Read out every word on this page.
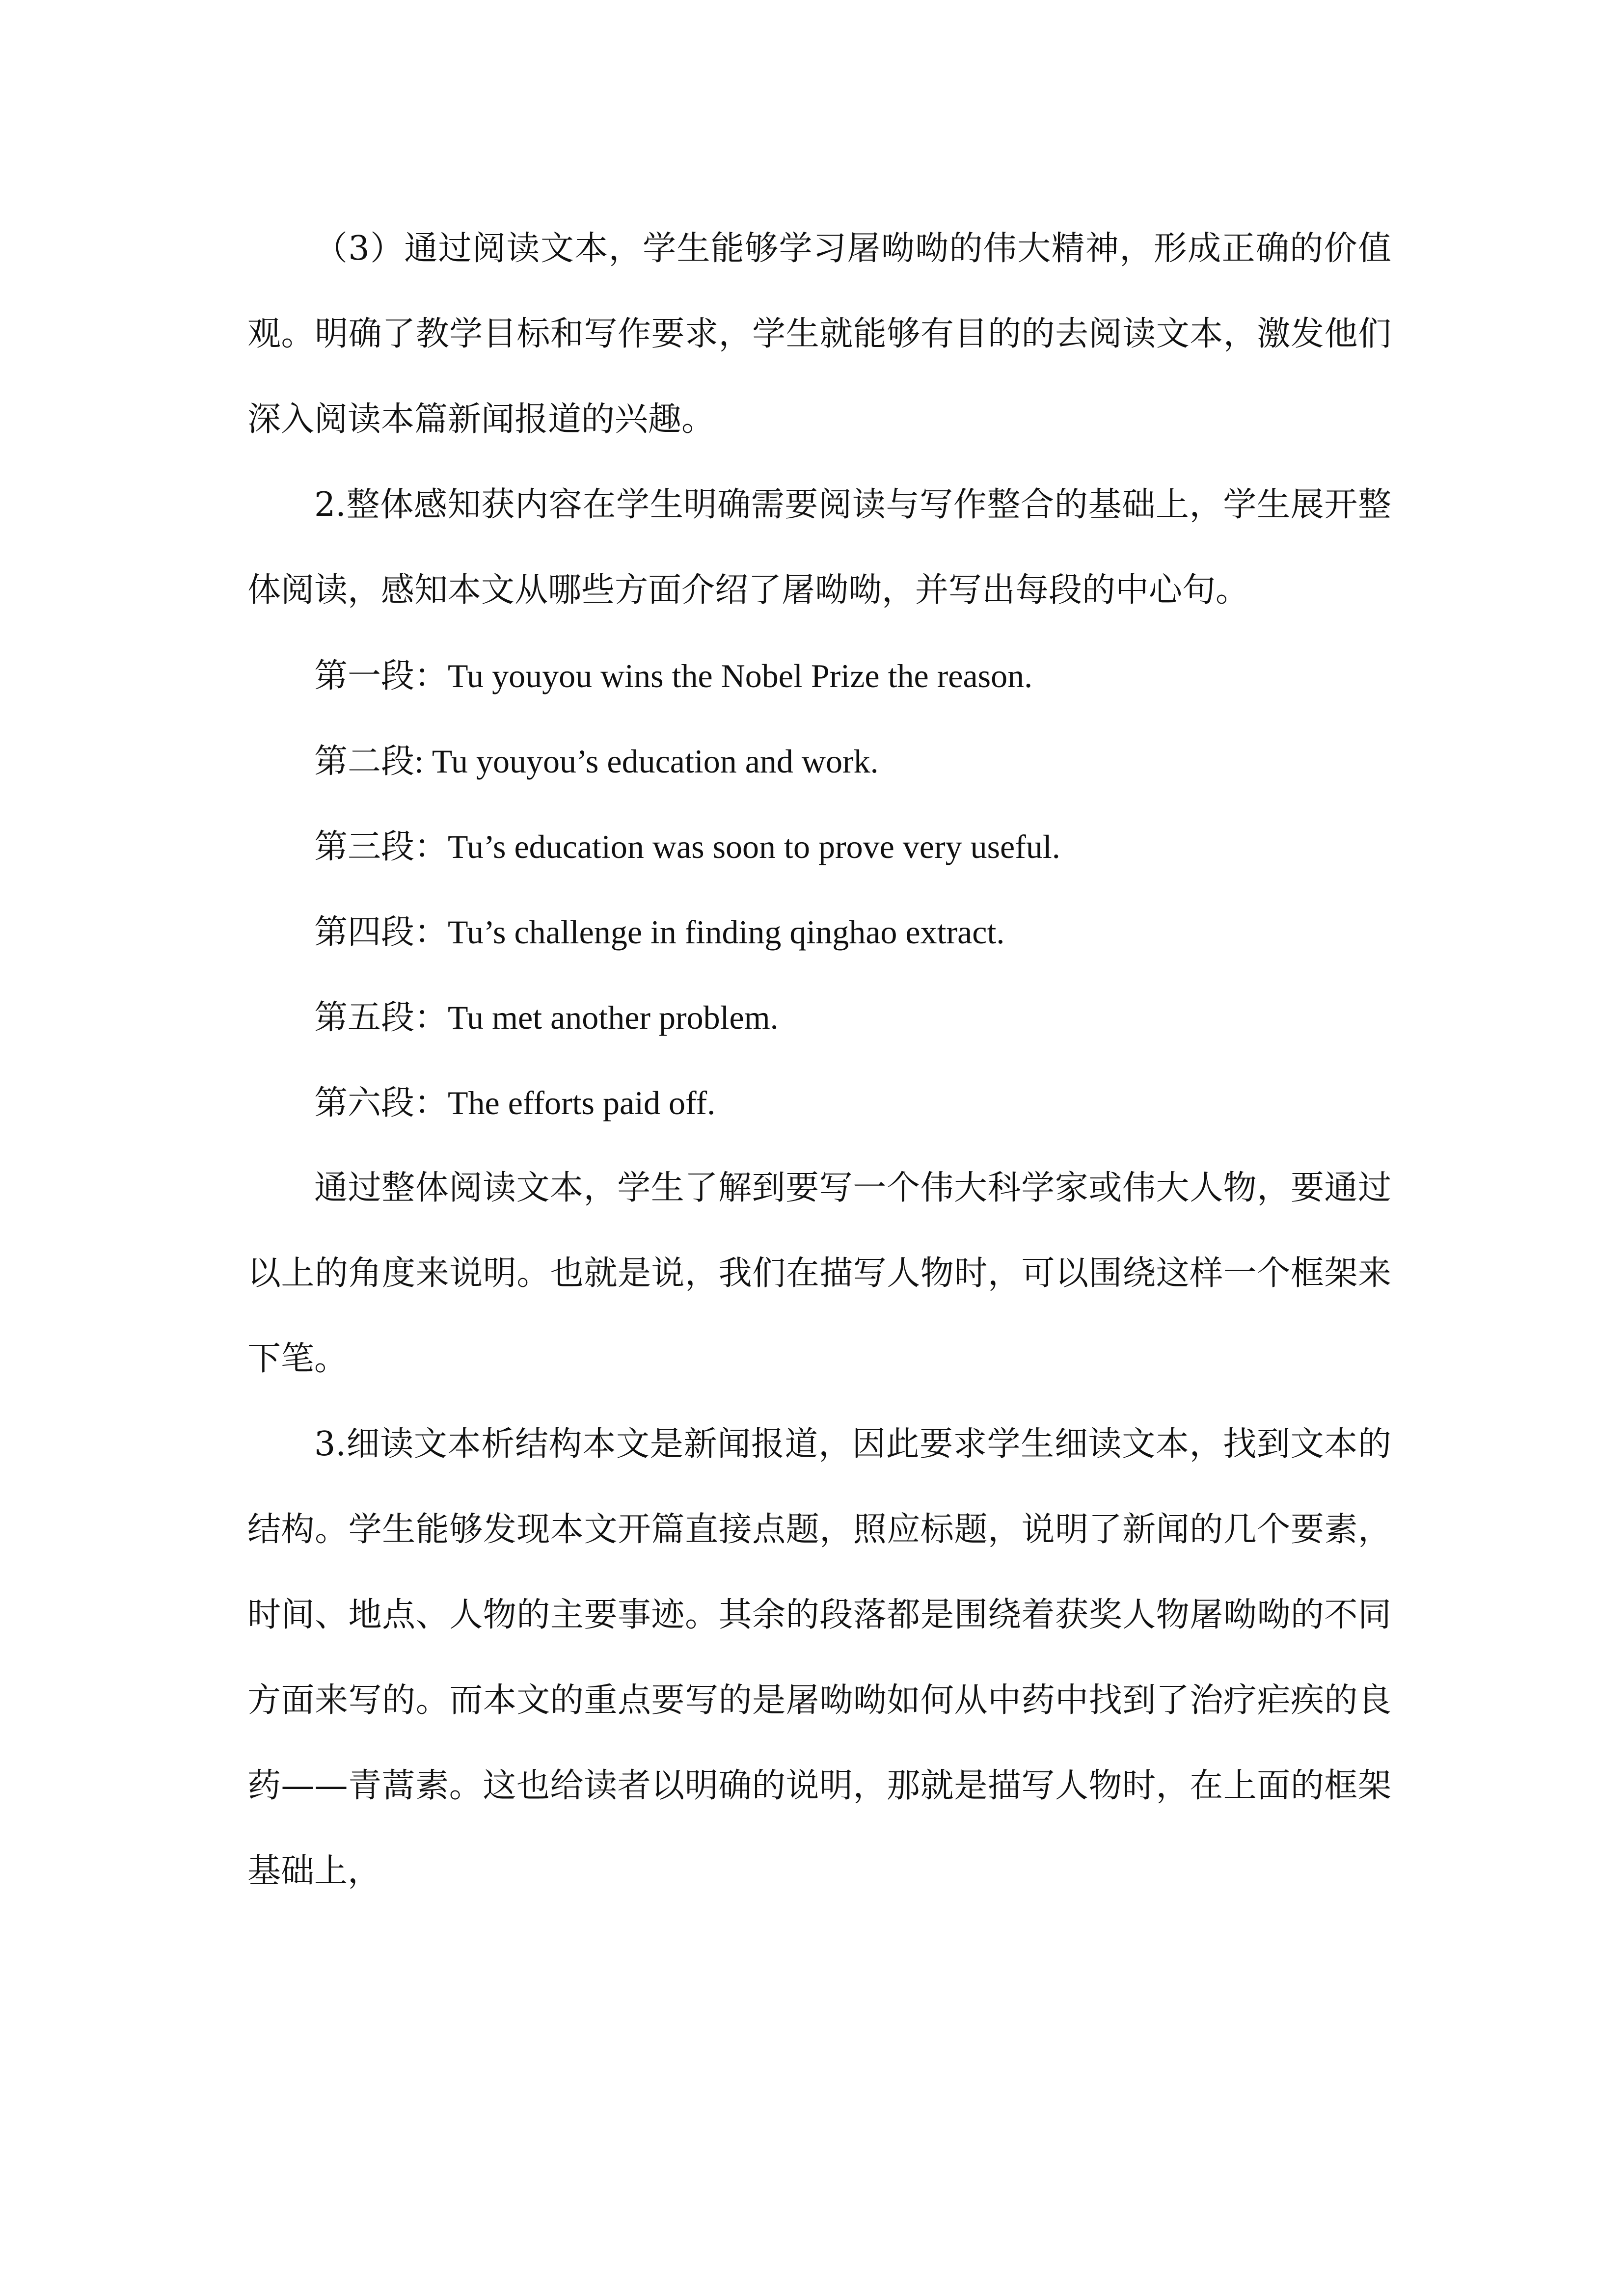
（3）通过阅读文本，学生能够学习屠呦呦的伟大精神，形成正确的价值观。明确了教学目标和写作要求，学生就能够有目的的去阅读文本，激发他们深入阅读本篇新闻报道的兴趣。

2.整体感知获内容在学生明确需要阅读与写作整合的基础上，学生展开整体阅读，感知本文从哪些方面介绍了屠呦呦，并写出每段的中心句。

第一段：Tu youyou wins the Nobel Prize the reason.

第二段: Tu youyou’s education and work.

第三段：Tu’s education was soon to prove very useful.

第四段：Tu’s challenge in finding qinghao extract.

第五段：Tu met another problem.

第六段：The efforts paid off.

通过整体阅读文本，学生了解到要写一个伟大科学家或伟大人物，要通过以上的角度来说明。也就是说，我们在描写人物时，可以围绕这样一个框架来下笔。

3.细读文本析结构本文是新闻报道，因此要求学生细读文本，找到文本的结构。学生能够发现本文开篇直接点题，照应标题，说明了新闻的几个要素，时间、地点、人物的主要事迹。其余的段落都是围绕着获奖人物屠呦呦的不同方面来写的。而本文的重点要写的是屠呦呦如何从中药中找到了治疗疟疾的良药——青蒿素。这也给读者以明确的说明，那就是描写人物时，在上面的框架基础上，
